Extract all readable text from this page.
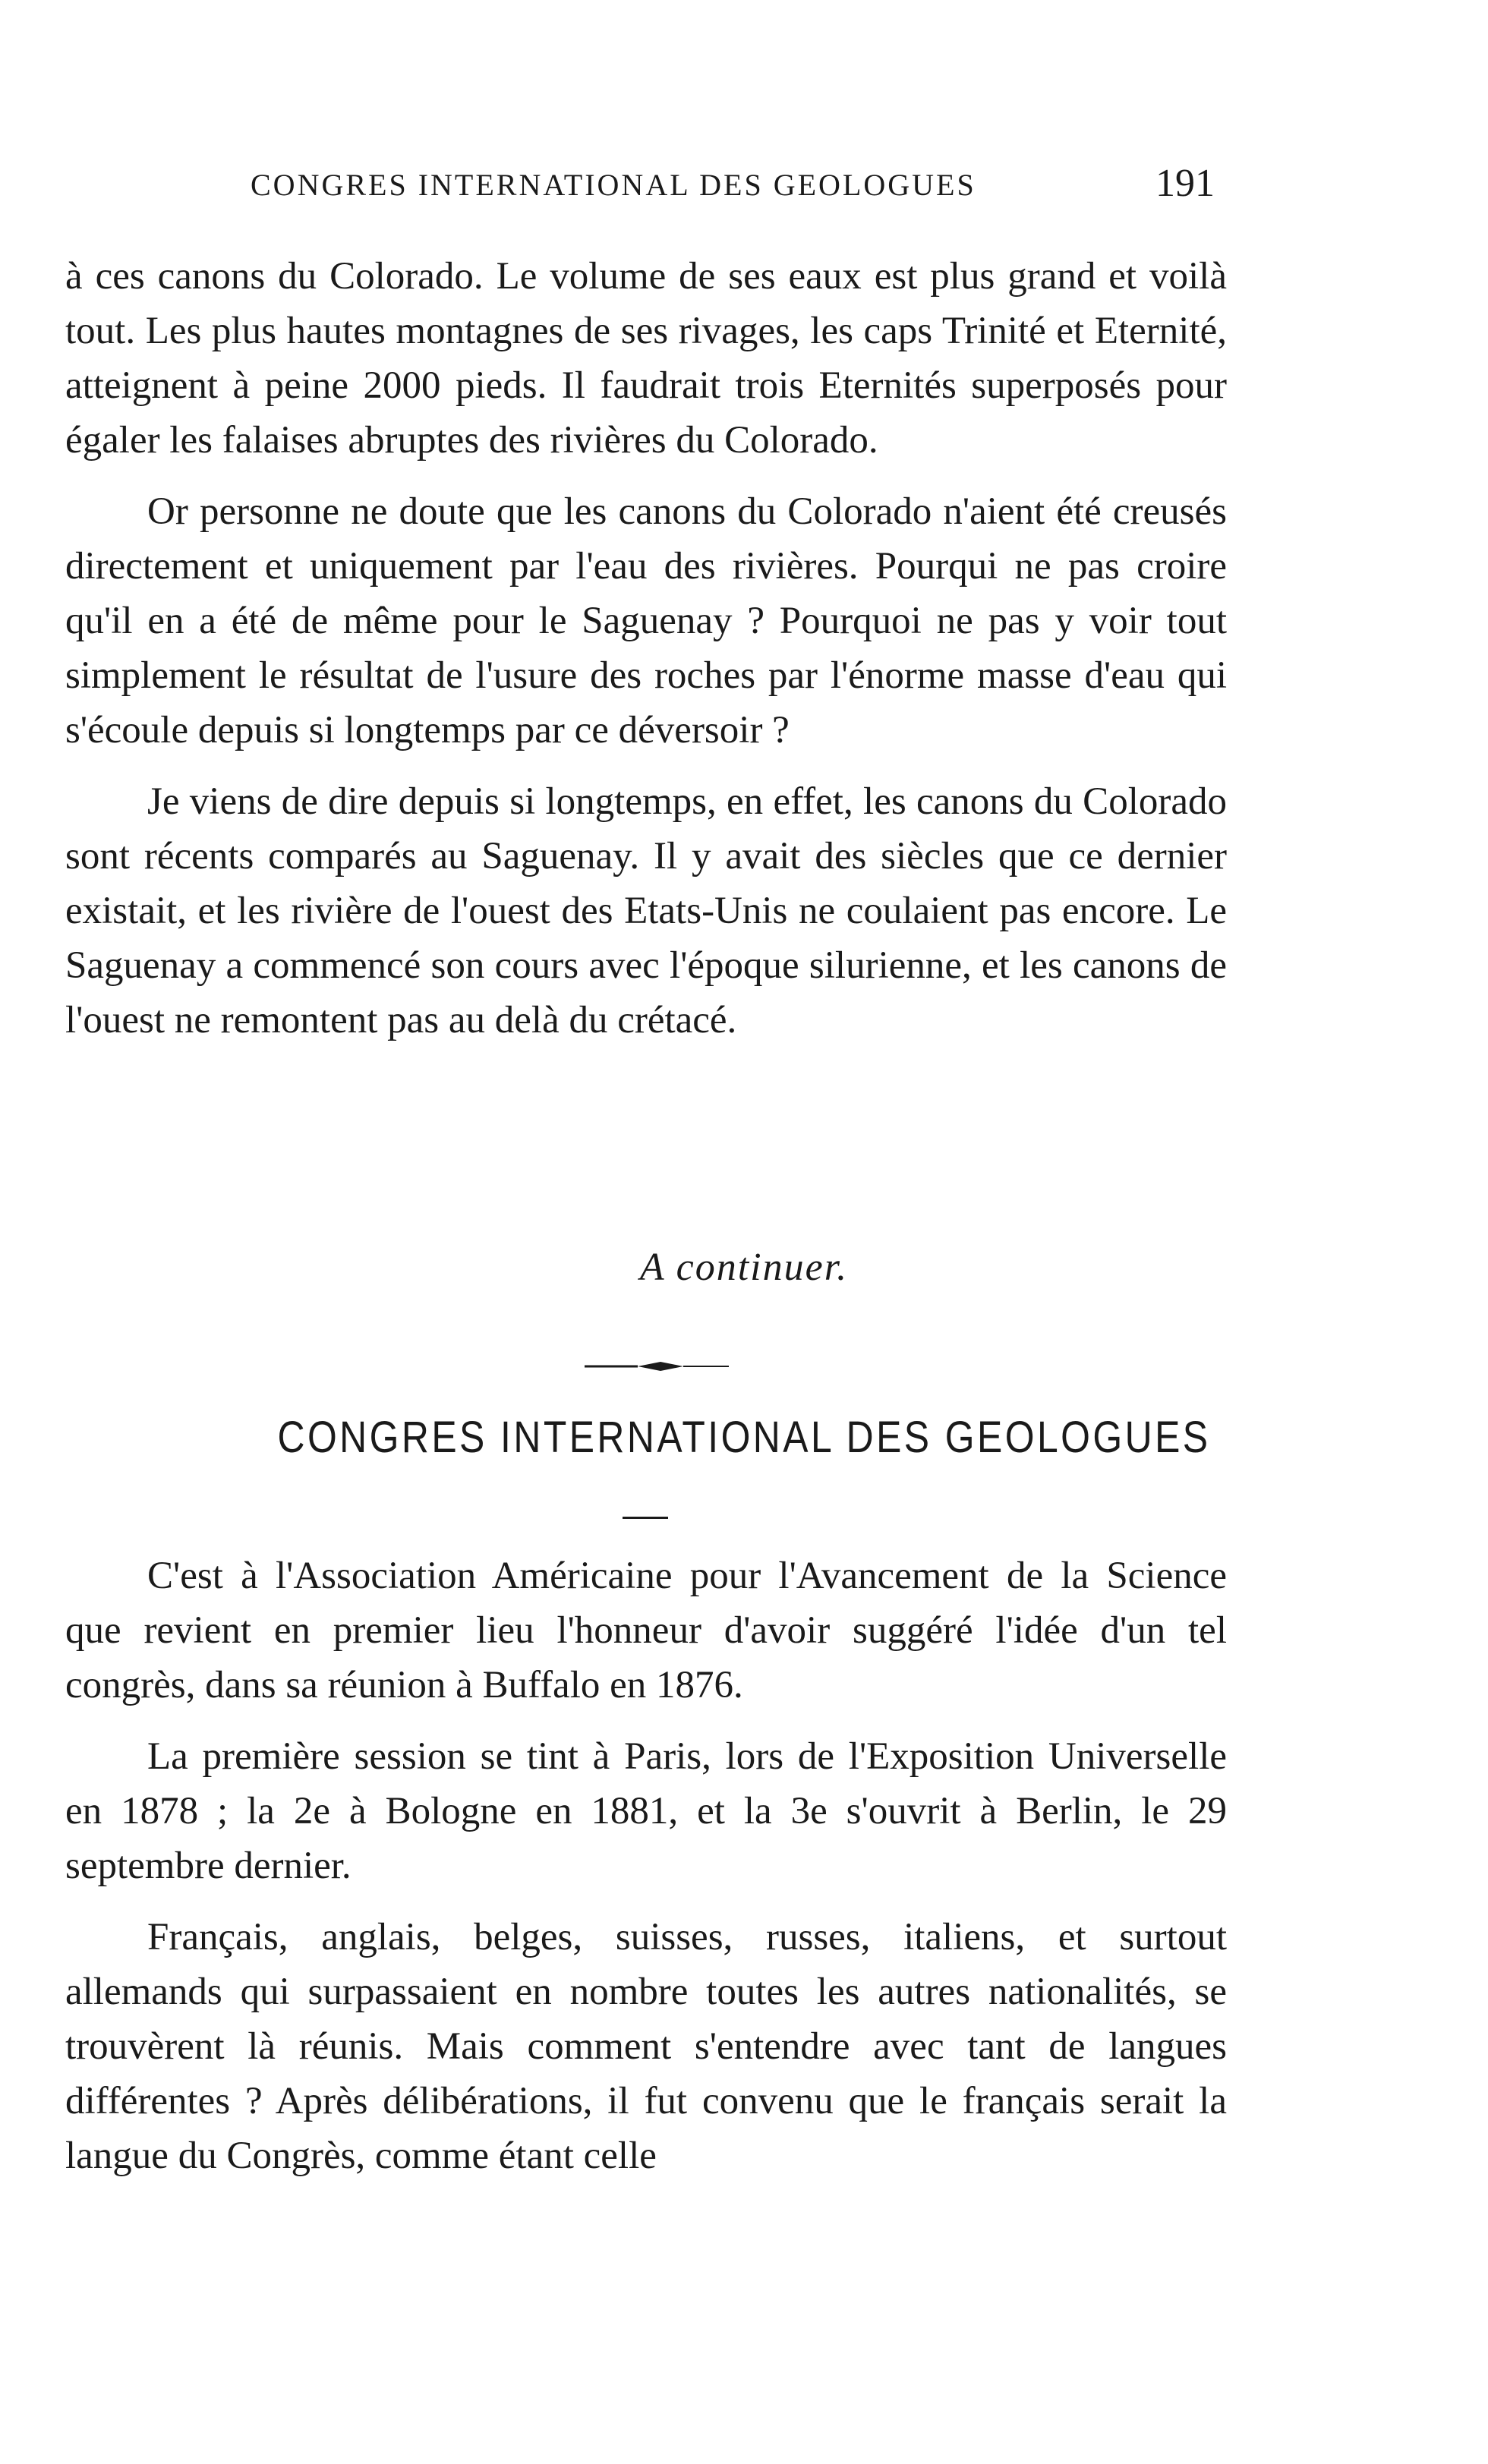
CONGRES INTERNATIONAL DES GEOLOGUES	191

à ces canons du Colorado. Le volume de ses eaux est plus grand et voilà tout. Les plus hautes montagnes de ses rivages, les caps Trinité et Eternité, atteignent à peine 2000 pieds. Il faudrait trois Eternités superposés pour égaler les falaises abruptes des rivières du Colorado.

Or personne ne doute que les canons du Colorado n'aient été creusés directement et uniquement par l'eau des rivières. Pourqui ne pas croire qu'il en a été de même pour le Saguenay ? Pourquoi ne pas y voir tout simplement le résultat de l'usure des roches par l'énorme masse d'eau qui s'écoule depuis si longtemps par ce déversoir ?

Je viens de dire depuis si longtemps, en effet, les canons du Colorado sont récents comparés au Saguenay. Il y avait des siècles que ce dernier existait, et les rivière de l'ouest des Etats-Unis ne coulaient pas encore. Le Saguenay a commencé son cours avec l'époque silurienne, et les canons de l'ouest ne remontent pas au delà du crétacé.

A continuer.
CONGRES INTERNATIONAL DES GEOLOGUES

C'est à l'Association Américaine pour l'Avancement de la Science que revient en premier lieu l'honneur d'avoir suggéré l'idée d'un tel congrès, dans sa réunion à Buffalo en 1876.

La première session se tint à Paris, lors de l'Exposition Universelle en 1878 ; la 2e à Bologne en 1881, et la 3e s'ouvrit à Berlin, le 29 septembre dernier.

Français, anglais, belges, suisses, russes, italiens, et surtout allemands qui surpassaient en nombre toutes les autres nationalités, se trouvèrent là réunis. Mais comment s'entendre avec tant de langues différentes ? Après délibérations, il fut convenu que le français serait la langue du Congrès, comme étant celle
